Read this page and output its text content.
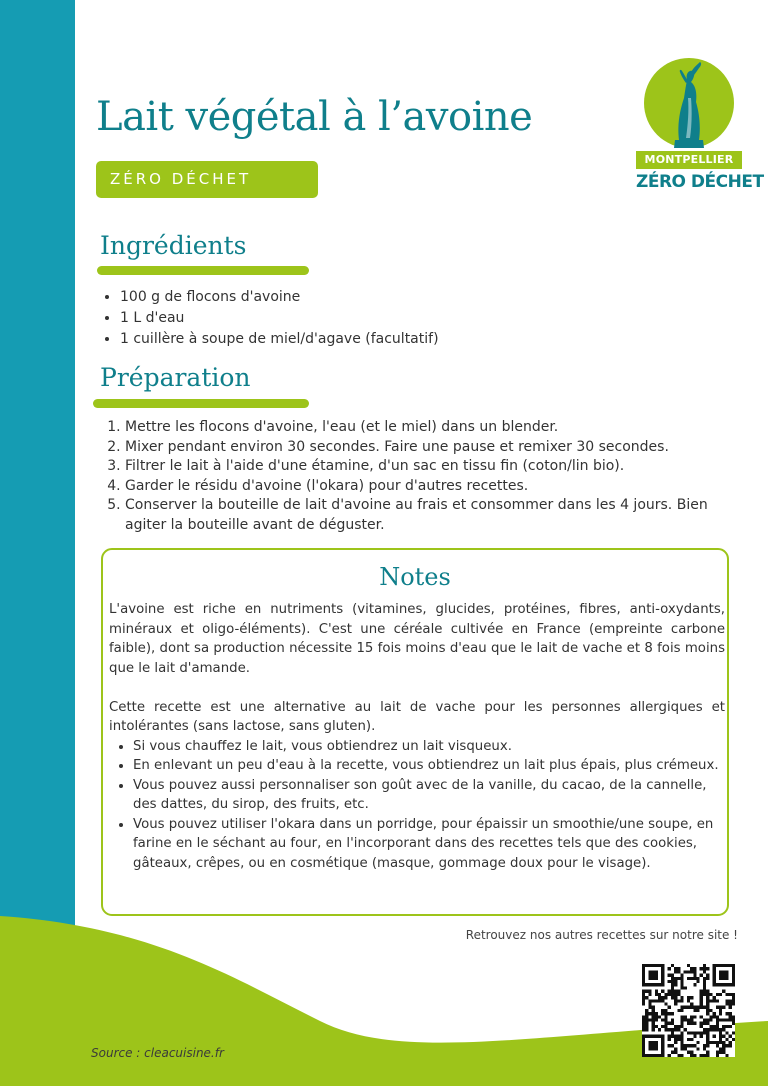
MONTPELLIER
ZÉRO DÉCHET
Lait végétal à l’avoine
ZÉRO DÉCHET
Ingrédients
• 100 g de flocons d'avoine
• 1 L d'eau
• 1 cuillère à soupe de miel/d'agave (facultatif)
Préparation
1. Mettre les flocons d'avoine, l'eau (et le miel) dans un blender.
2. Mixer pendant environ 30 secondes. Faire une pause et remixer 30 secondes.
3. Filtrer le lait à l'aide d'une étamine, d'un sac en tissu fin (coton/lin bio).
4. Garder le résidu d'avoine (l'okara) pour d'autres recettes.
5. Conserver la bouteille de lait d'avoine au frais et consommer dans les 4 jours. Bien agiter la bouteille avant de déguster.
Notes

L'avoine est riche en nutriments (vitamines, glucides, protéines, fibres, anti-oxydants, minéraux et oligo-éléments). C'est une céréale cultivée en France (empreinte carbone faible), dont sa production nécessite 15 fois moins d'eau que le lait de vache et 8 fois moins que le lait d'amande.

Cette recette est une alternative au lait de vache pour les personnes allergiques et intolérantes (sans lactose, sans gluten).

• Si vous chauffez le lait, vous obtiendrez un lait visqueux.
• En enlevant un peu d'eau à la recette, vous obtiendrez un lait plus épais, plus crémeux.
• Vous pouvez aussi personnaliser son goût avec de la vanille, du cacao, de la cannelle, des dattes, du sirop, des fruits, etc.
• Vous pouvez utiliser l'okara dans un porridge, pour épaissir un smoothie/une soupe, en farine en le séchant au four, en l'incorporant dans des recettes tels que des cookies, gâteaux, crêpes, ou en cosmétique (masque, gommage doux pour le visage).
Retrouvez nos autres recettes sur notre site !
Source : cleacuisine.fr
